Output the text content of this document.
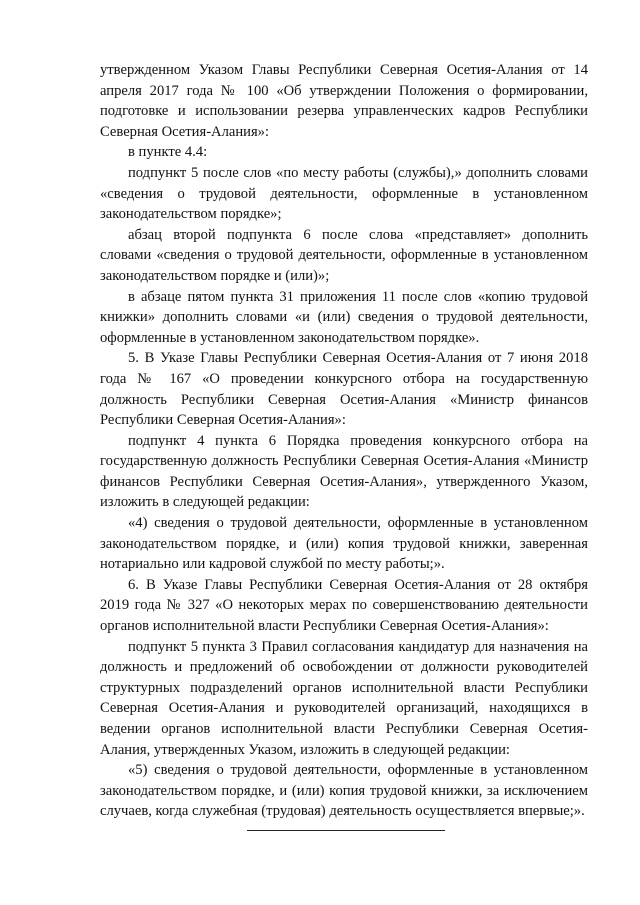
утвержденном Указом Главы Республики Северная Осетия-Алания от 14 апреля 2017 года № 100 «Об утверждении Положения о формировании, подготовке и использовании резерва управленческих кадров Республики Северная Осетия-Алания»:

в пункте 4.4:

подпункт 5 после слов «по месту работы (службы),» дополнить словами «сведения о трудовой деятельности, оформленные в установленном законодательством порядке»;

абзац второй подпункта 6 после слова «представляет» дополнить словами «сведения о трудовой деятельности, оформленные в установленном законодательством порядке и (или)»;

в абзаце пятом пункта 31 приложения 11 после слов «копию трудовой книжки» дополнить словами «и (или) сведения о трудовой деятельности, оформленные в установленном законодательством порядке».

5. В Указе Главы Республики Северная Осетия-Алания от 7 июня 2018 года № 167 «О проведении конкурсного отбора на государственную должность Республики Северная Осетия-Алания «Министр финансов Республики Северная Осетия-Алания»:

подпункт 4 пункта 6 Порядка проведения конкурсного отбора на государственную должность Республики Северная Осетия-Алания «Министр финансов Республики Северная Осетия-Алания», утвержденного Указом, изложить в следующей редакции:

«4) сведения о трудовой деятельности, оформленные в установленном законодательством порядке, и (или) копия трудовой книжки, заверенная нотариально или кадровой службой по месту работы;».

6. В Указе Главы Республики Северная Осетия-Алания от 28 октября 2019 года № 327 «О некоторых мерах по совершенствованию деятельности органов исполнительной власти Республики Северная Осетия-Алания»:

подпункт 5 пункта 3 Правил согласования кандидатур для назначения на должность и предложений об освобождении от должности руководителей структурных подразделений органов исполнительной власти Республики Северная Осетия-Алания и руководителей организаций, находящихся в ведении органов исполнительной власти Республики Северная Осетия-Алания, утвержденных Указом, изложить в следующей редакции:

«5) сведения о трудовой деятельности, оформленные в установленном законодательством порядке, и (или) копия трудовой книжки, за исключением случаев, когда служебная (трудовая) деятельность осуществляется впервые;».
